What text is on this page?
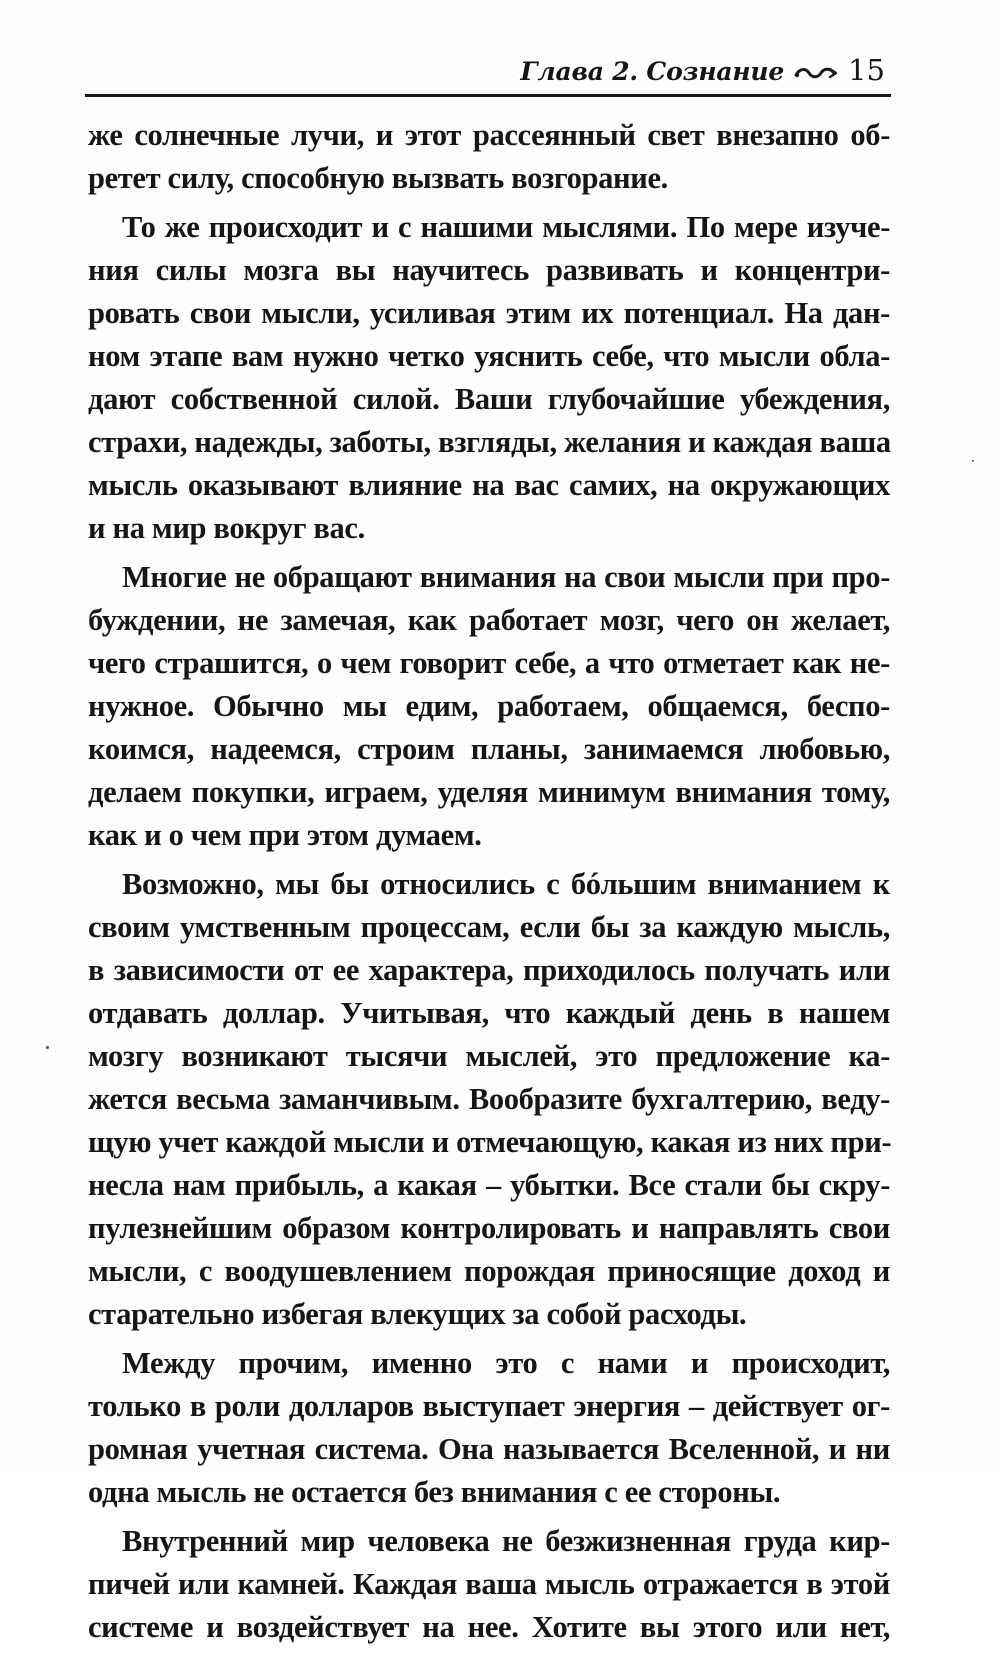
Глава 2. Сознание 15

же солнечные лучи, и этот рассеянный свет внезапно об-
ретет силу, способную вызвать возгорание.

То же происходит и с нашими мыслями. По мере изуче-
ния силы мозга вы научитесь развивать и концентри-
ровать свои мысли, усиливая этим их потенциал. На дан-
ном этапе вам нужно четко уяснить себе, что мысли обла-
дают собственной силой. Ваши глубочайшие убеждения,
страхи, надежды, заботы, взгляды, желания и каждая ваша
мысль оказывают влияние на вас самих, на окружающих
и на мир вокруг вас.

Многие не обращают внимания на свои мысли при про-
буждении, не замечая, как работает мозг, чего он желает,
чего страшится, о чем говорит себе, а что отметает как не-
нужное. Обычно мы едим, работаем, общаемся, беспо-
коимся, надеемся, строим планы, занимаемся любовью,
делаем покупки, играем, уделяя минимум внимания тому,
как и о чем при этом думаем.

Возможно, мы бы относились с бóльшим вниманием к
своим умственным процессам, если бы за каждую мысль,
в зависимости от ее характера, приходилось получать или
отдавать доллар. Учитывая, что каждый день в нашем
мозгу возникают тысячи мыслей, это предложение ка-
жется весьма заманчивым. Вообразите бухгалтерию, веду-
щую учет каждой мысли и отмечающую, какая из них при-
несла нам прибыль, а какая – убытки. Все стали бы скру-
пулезнейшим образом контролировать и направлять свои
мысли, с воодушевлением порождая приносящие доход и
старательно избегая влекущих за собой расходы.

Между прочим, именно это с нами и происходит,
только в роли долларов выступает энергия – действует ог-
ромная учетная система. Она называется Вселенной, и ни
одна мысль не остается без внимания с ее стороны.

Внутренний мир человека не безжизненная груда кир-
пичей или камней. Каждая ваша мысль отражается в этой
системе и воздействует на нее. Хотите вы этого или нет,
